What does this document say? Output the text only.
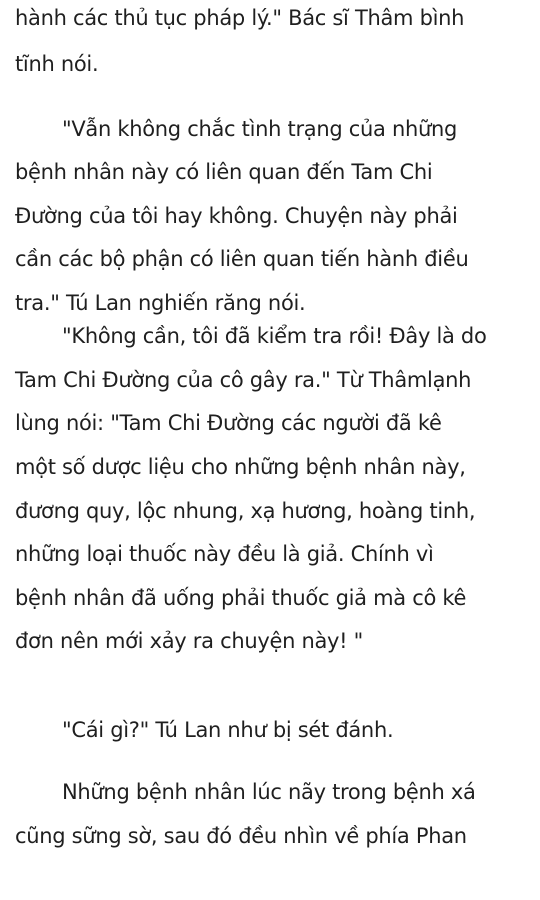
hành các thủ tục pháp lý." Bác sĩ Thâm bình
tĩnh nói.
"Vẫn không chắc tình trạng của những
bệnh nhân này có liên quan đến Tam Chi
Đường của tôi hay không. Chuyện này phải
cần các bộ phận có liên quan tiến hành điều
tra." Tú Lan nghiến răng nói.
"Không cần, tôi đã kiểm tra rồi! Đây là do
Tam Chi Đường của cô gây ra." Từ Thâmlạnh
lùng nói: "Tam Chi Đường các người đã kê
một số dược liệu cho những bệnh nhân này,
đương quy, lộc nhung, xạ hương, hoàng tinh,
những loại thuốc này đều là giả. Chính vì
bệnh nhân đã uống phải thuốc giả mà cô kê
đơn nên mới xảy ra chuyện này! "
"Cái gì?" Tú Lan như bị sét đánh.
Những bệnh nhân lúc nãy trong bệnh xá
cũng sững sờ, sau đó đều nhìn về phía Phan
